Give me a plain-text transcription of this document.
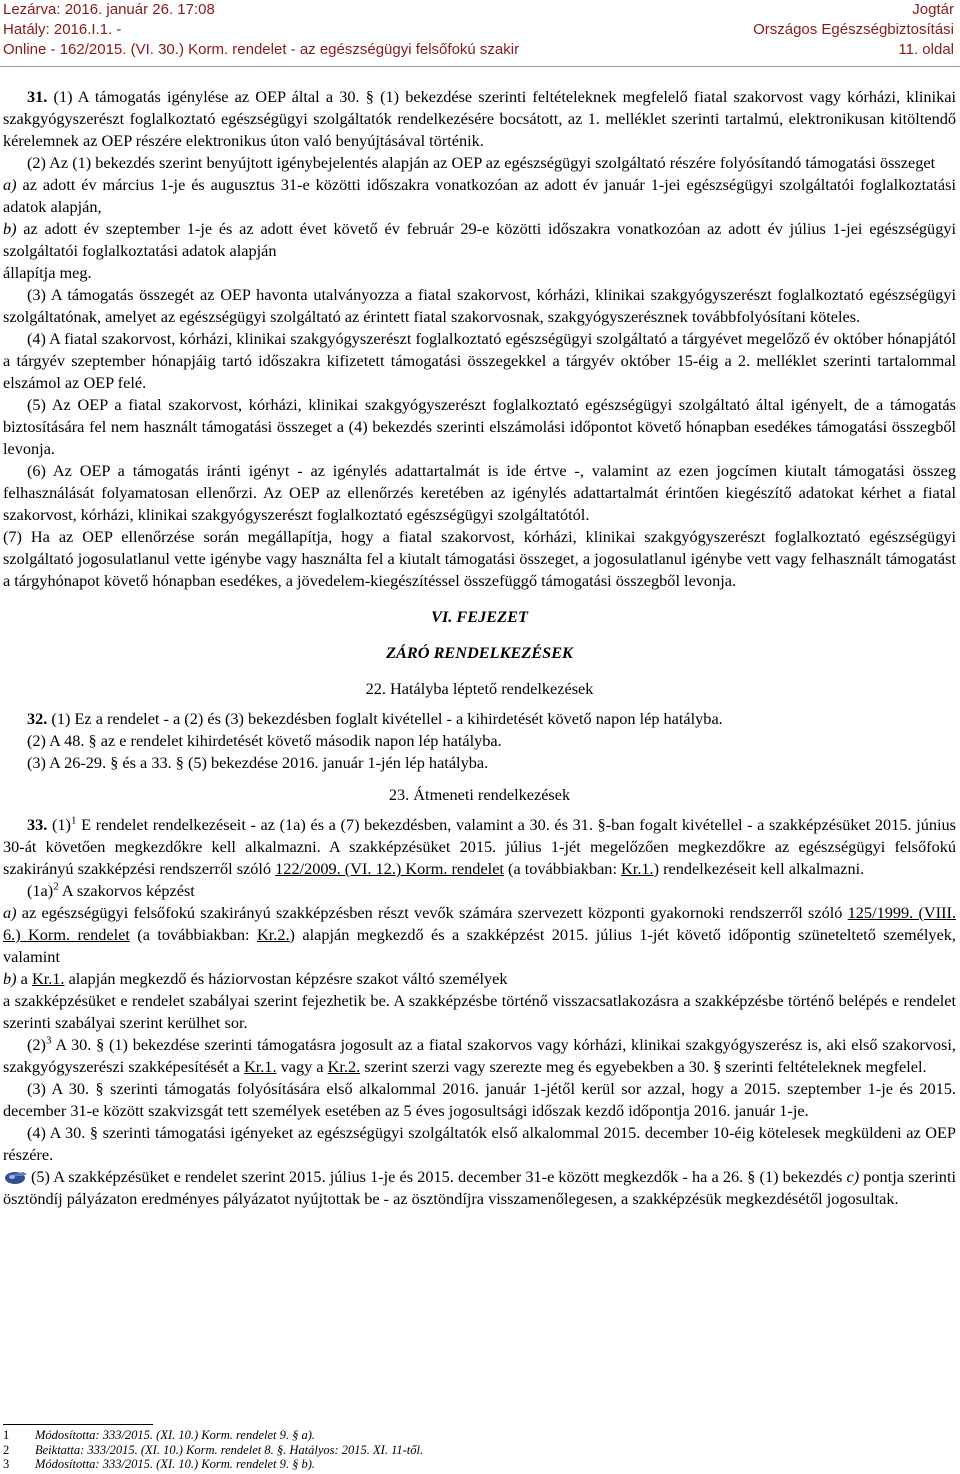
Lezárva: 2016. január 26. 17:08	Jogtár
Hatály: 2016.I.1. -	Országos Egészségbiztosítási
Online - 162/2015. (VI. 30.) Korm. rendelet - az egészségügyi felsőfokú szakir	11. oldal

31. (1) A támogatás igénylése az OEP által a 30. § (1) bekezdése szerinti feltételeknek megfelelő fiatal szakorvost vagy kórházi, klinikai szakgyógyszerészt foglalkoztató egészségügyi szolgáltatók rendelkezésére bocsátott, az 1. melléklet szerinti tartalmú, elektronikusan kitöltendő kérelemnek az OEP részére elektronikus úton való benyújtásával történik.

(2) Az (1) bekezdés szerint benyújtott igénybejelentés alapján az OEP az egészségügyi szolgáltató részére folyósítandó támogatási összeget

a) az adott év március 1-je és augusztus 31-e közötti időszakra vonatkozóan az adott év január 1-jei egészségügyi szolgáltatói foglalkoztatási adatok alapján,

b) az adott év szeptember 1-je és az adott évet követő év február 29-e közötti időszakra vonatkozóan az adott év július 1-jei egészségügyi szolgáltatói foglalkoztatási adatok alapján

állapítja meg.

(3) A támogatás összegét az OEP havonta utalványozza a fiatal szakorvost, kórházi, klinikai szakgyógyszerészt foglalkoztató egészségügyi szolgáltatónak, amelyet az egészségügyi szolgáltató az érintett fiatal szakorvosnak, szakgyógyszerésznek továbbfolyósítani köteles.

(4) A fiatal szakorvost, kórházi, klinikai szakgyógyszerészt foglalkoztató egészségügyi szolgáltató a tárgyévet megelőző év október hónapjától a tárgyév szeptember hónapjáig tartó időszakra kifizetett támogatási összegekkel a tárgyév október 15-éig a 2. melléklet szerinti tartalommal elszámol az OEP felé.

(5) Az OEP a fiatal szakorvost, kórházi, klinikai szakgyógyszerészt foglalkoztató egészségügyi szolgáltató által igényelt, de a támogatás biztosítására fel nem használt támogatási összeget a (4) bekezdés szerinti elszámolási időpontot követő hónapban esedékes támogatási összegből levonja.

(6) Az OEP a támogatás iránti igényt - az igénylés adattartalmát is ide értve -, valamint az ezen jogcímen kiutalt támogatási összeg felhasználását folyamatosan ellenőrzi. Az OEP az ellenőrzés keretében az igénylés adattartalmát érintően kiegészítő adatokat kérhet a fiatal szakorvost, kórházi, klinikai szakgyógyszerészt foglalkoztató egészségügyi szolgáltatótól.

(7) Ha az OEP ellenőrzése során megállapítja, hogy a fiatal szakorvost, kórházi, klinikai szakgyógyszerészt foglalkoztató egészségügyi szolgáltató jogosulatlanul vette igénybe vagy használta fel a kiutalt támogatási összeget, a jogosulatlanul igénybe vett vagy felhasznált támogatást a tárgyhónapot követő hónapban esedékes, a jövedelem-kiegészítéssel összefüggő támogatási összegből levonja.

VI. FEJEZET

ZÁRÓ RENDELKEZÉSEK

22. Hatályba léptető rendelkezések

32. (1) Ez a rendelet - a (2) és (3) bekezdésben foglalt kivétellel - a kihirdetését követő napon lép hatályba.

(2) A 48. § az e rendelet kihirdetését követő második napon lép hatályba.

(3) A 26-29. § és a 33. § (5) bekezdése 2016. január 1-jén lép hatályba.

23. Átmeneti rendelkezések

33. $(1)^1$ E rendelet rendelkezéseit - az (1a) és a (7) bekezdésben, valamint a 30. és 31. §-ban fogalt kivétellel - a szakképzésüket 2015. június 30-át követően megkezdőkre kell alkalmazni. A szakképzésüket 2015. július 1-jét megelőzően megkezdőkre az egészségügyi felsőfokú szakirányú szakképzési rendszerről szóló 122/2009. (VI. 12.) Korm. rendelet (a továbbiakban: Kr.1.) rendelkezéseit kell alkalmazni.

$(1a)^2$ A szakorvos képzést

a) az egészségügyi felsőfokú szakirányú szakképzésben részt vevők számára szervezett központi gyakornoki rendszerről szóló 125/1999. (VIII. 6.) Korm. rendelet (a továbbiakban: Kr.2.) alapján megkezdő és a szakképzést 2015. július 1-jét követő időpontig szüneteltető személyek, valamint

b) a Kr.1. alapján megkezdő és háziorvostan képzésre szakot váltó személyek

a szakképzésüket e rendelet szabályai szerint fejezhetik be. A szakképzésbe történő visszacsatlakozásra a szakképzésbe történő belépés e rendelet szerinti szabályai szerint kerülhet sor.

$(2)^3$ A 30. § (1) bekezdése szerinti támogatásra jogosult az a fiatal szakorvos vagy kórházi, klinikai szakgyógyszerész is, aki első szakorvosi, szakgyógyszerészi szakképesítését a Kr.1. vagy a Kr.2. szerint szerzi vagy szerezte meg és egyebekben a 30. § szerinti feltételeknek megfelel.

(3) A 30. § szerinti támogatás folyósítására első alkalommal 2016. január 1-jétől kerül sor azzal, hogy a 2015. szeptember 1-je és 2015. december 31-e között szakvizsgát tett személyek esetében az 5 éves jogosultsági időszak kezdő időpontja 2016. január 1-je.

(4) A 30. § szerinti támogatási igényeket az egészségügyi szolgáltatók első alkalommal 2015. december 10-éig kötelesek megküldeni az OEP részére.

(5) A szakképzésüket e rendelet szerint 2015. július 1-je és 2015. december 31-e között megkezdők - ha a 26. § (1) bekezdés c) pontja szerinti ösztöndíj pályázaton eredményes pályázatot nyújtottak be - az ösztöndíjra visszamenőlegesen, a szakképzésük megkezdésétől jogosultak.

1 Módosította: 333/2015. (XI. 10.) Korm. rendelet 9. § a).
2 Beiktatta: 333/2015. (XI. 10.) Korm. rendelet 8. §. Hatályos: 2015. XI. 11-től.
3 Módosította: 333/2015. (XI. 10.) Korm. rendelet 9. § b).
